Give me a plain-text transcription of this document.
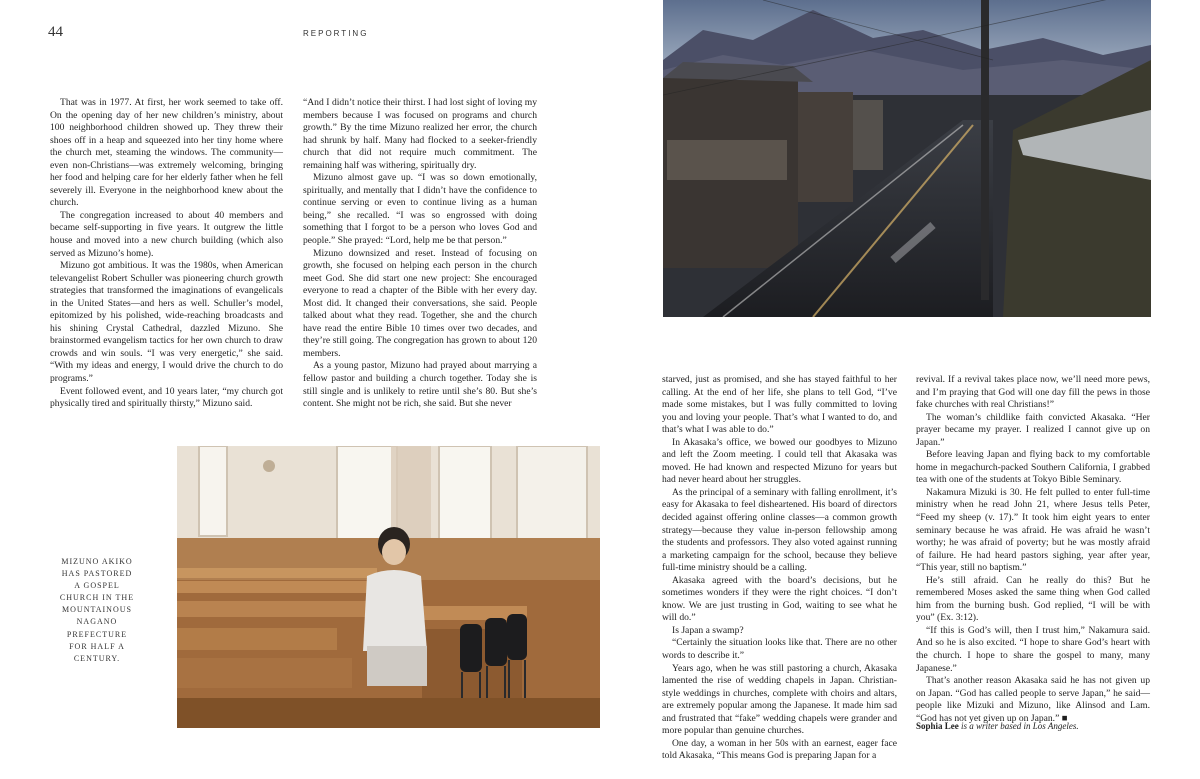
44	REPORTING

That was in 1977. At first, her work seemed to take off. On the opening day of her new children’s ministry, about 100 neighborhood children showed up. They threw their shoes off in a heap and squeezed into her tiny home where the church met, steaming the windows. The community—even non-Christians—was extremely welcoming, bringing her food and helping care for her elderly father when he fell severely ill. Everyone in the neighborhood knew about the church.

The congregation increased to about 40 members and became self-supporting in five years. It outgrew the little house and moved into a new church building (which also served as Mizuno’s home).

Mizuno got ambitious. It was the 1980s, when American televangelist Robert Schuller was pioneering church growth strategies that transformed the imaginations of evangelicals in the United States—and hers as well. Schuller’s model, epitomized by his polished, wide-reaching broadcasts and his shining Crystal Cathedral, dazzled Mizuno. She brainstormed evangelism tactics for her own church to draw crowds and win souls. “I was very energetic,” she said. “With my ideas and energy, I would drive the church to do programs.”

Event followed event, and 10 years later, “my church got physically tired and spiritually thirsty,” Mizuno said.

“And I didn’t notice their thirst. I had lost sight of loving my members because I was focused on programs and church growth.” By the time Mizuno realized her error, the church had shrunk by half. Many had flocked to a seeker-friendly church that did not require much commitment. The remaining half was withering, spiritually dry.

Mizuno almost gave up. “I was so down emotionally, spiritually, and mentally that I didn’t have the confidence to continue serving or even to continue living as a human being,” she recalled. “I was so engrossed with doing something that I forgot to be a person who loves God and people.” She prayed: “Lord, help me be that person.”

Mizuno downsized and reset. Instead of focusing on growth, she focused on helping each person in the church meet God. She did start one new project: She encouraged everyone to read a chapter of the Bible with her every day. Most did. It changed their conversations, she said. People talked about what they read. Together, she and the church have read the entire Bible 10 times over two decades, and they’re still going. The congregation has grown to about 120 members.

As a young pastor, Mizuno had prayed about marrying a fellow pastor and building a church together. Today she is still single and is unlikely to retire until she’s 80. But she’s content. She might not be rich, she said. But she never

starved, just as promised, and she has stayed faithful to her calling. At the end of her life, she plans to tell God, “I’ve made some mistakes, but I was fully committed to loving you and loving your people. That’s what I wanted to do, and that’s what I was able to do.”

In Akasaka’s office, we bowed our goodbyes to Mizuno and left the Zoom meeting. I could tell that Akasaka was moved. He had known and respected Mizuno for years but had never heard about her struggles.

As the principal of a seminary with falling enrollment, it’s easy for Akasaka to feel disheartened. His board of directors decided against offering online classes—a common growth strategy—because they value in-person fellowship among the students and professors. They also voted against running a marketing campaign for the school, because they believe full-time ministry should be a calling.

Akasaka agreed with the board’s decisions, but he sometimes wonders if they were the right choices. “I don’t know. We are just trusting in God, waiting to see what he will do.”

Is Japan a swamp?

“Certainly the situation looks like that. There are no other words to describe it.”

Years ago, when he was still pastoring a church, Akasaka lamented the rise of wedding chapels in Japan. Christian-style weddings in churches, complete with choirs and altars, are extremely popular among the Japanese. It made him sad and frustrated that “fake” wedding chapels were grander and more popular than genuine churches.

One day, a woman in her 50s with an earnest, eager face told Akasaka, “This means God is preparing Japan for a

revival. If a revival takes place now, we’ll need more pews, and I’m praying that God will one day fill the pews in those fake churches with real Christians!”

The woman’s childlike faith convicted Akasaka. “Her prayer became my prayer. I realized I cannot give up on Japan.”

Before leaving Japan and flying back to my comfortable home in megachurch-packed Southern California, I grabbed tea with one of the students at Tokyo Bible Seminary.

Nakamura Mizuki is 30. He felt pulled to enter full-time ministry when he read John 21, where Jesus tells Peter, “Feed my sheep (v. 17).” It took him eight years to enter seminary because he was afraid. He was afraid he wasn’t worthy; he was afraid of poverty; but he was mostly afraid of failure. He had heard pastors sighing, year after year, “This year, still no baptism.”

He’s still afraid. Can he really do this? But he remembered Moses asked the same thing when God called him from the burning bush. God replied, “I will be with you” (Ex. 3:12).

“If this is God’s will, then I trust him,” Nakamura said. And so he is also excited. “I hope to share God’s heart with the church. I hope to share the gospel to many, many Japanese.”

That’s another reason Akasaka said he has not given up on Japan. “God has called people to serve Japan,” he said—people like Mizuki and Mizuno, like Alinsod and Lam. “God has not yet given up on Japan.” ■

MIZUNO AKIKO HAS PASTORED A GOSPEL CHURCH IN THE MOUNTAINOUS NAGANO PREFECTURE FOR HALF A CENTURY.
Sophia Lee is a writer based in Los Angeles.
